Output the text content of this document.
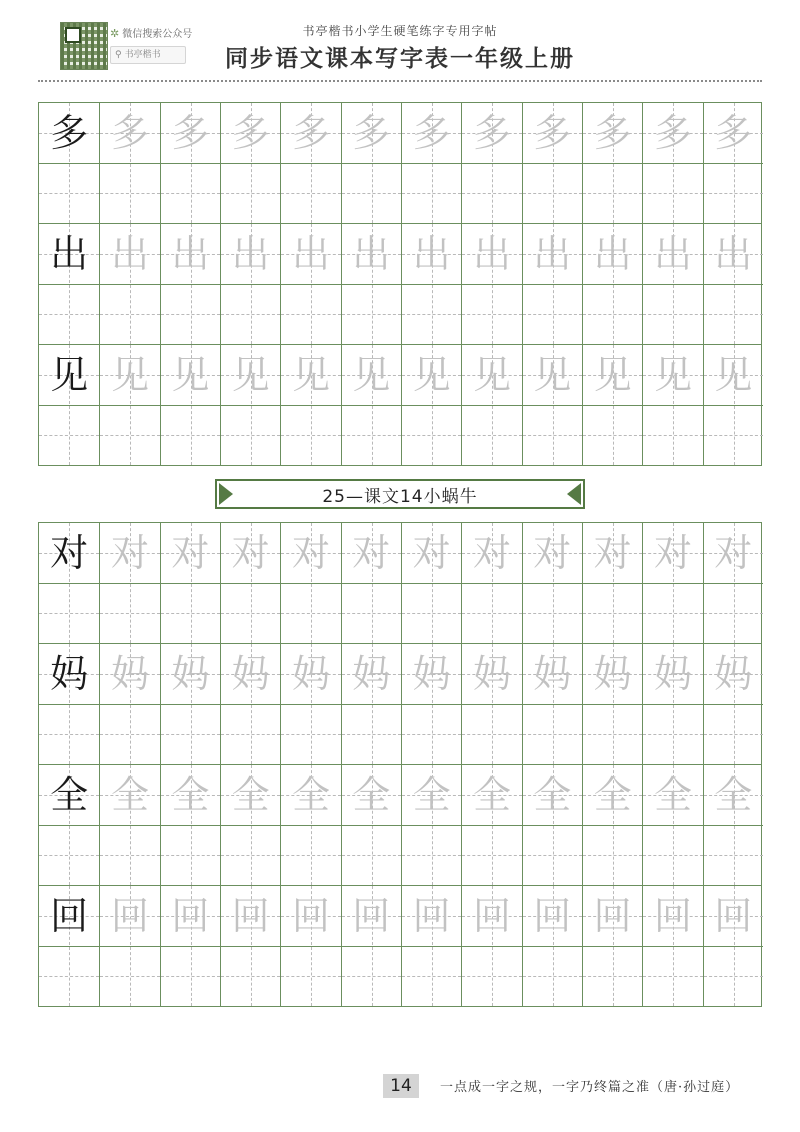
✲ 微信搜索公众号
⚲ 书亭楷书
书亭楷书小学生硬笔练字专用字帖
同步语文课本写字表一年级上册
多 多 多 多 多 多 多 多 多 多 多 多
出 出 出 出 出 出 出 出 出 出 出 出
见 见 见 见 见 见 见 见 见 见 见 见
25—课文14小蜗牛
对 对 对 对 对 对 对 对 对 对 对 对
妈 妈 妈 妈 妈 妈 妈 妈 妈 妈 妈 妈
全 全 全 全 全 全 全 全 全 全 全 全
回 回 回 回 回 回 回 回 回 回 回 回
14	一点成一字之规，一字乃终篇之准（唐·孙过庭）
